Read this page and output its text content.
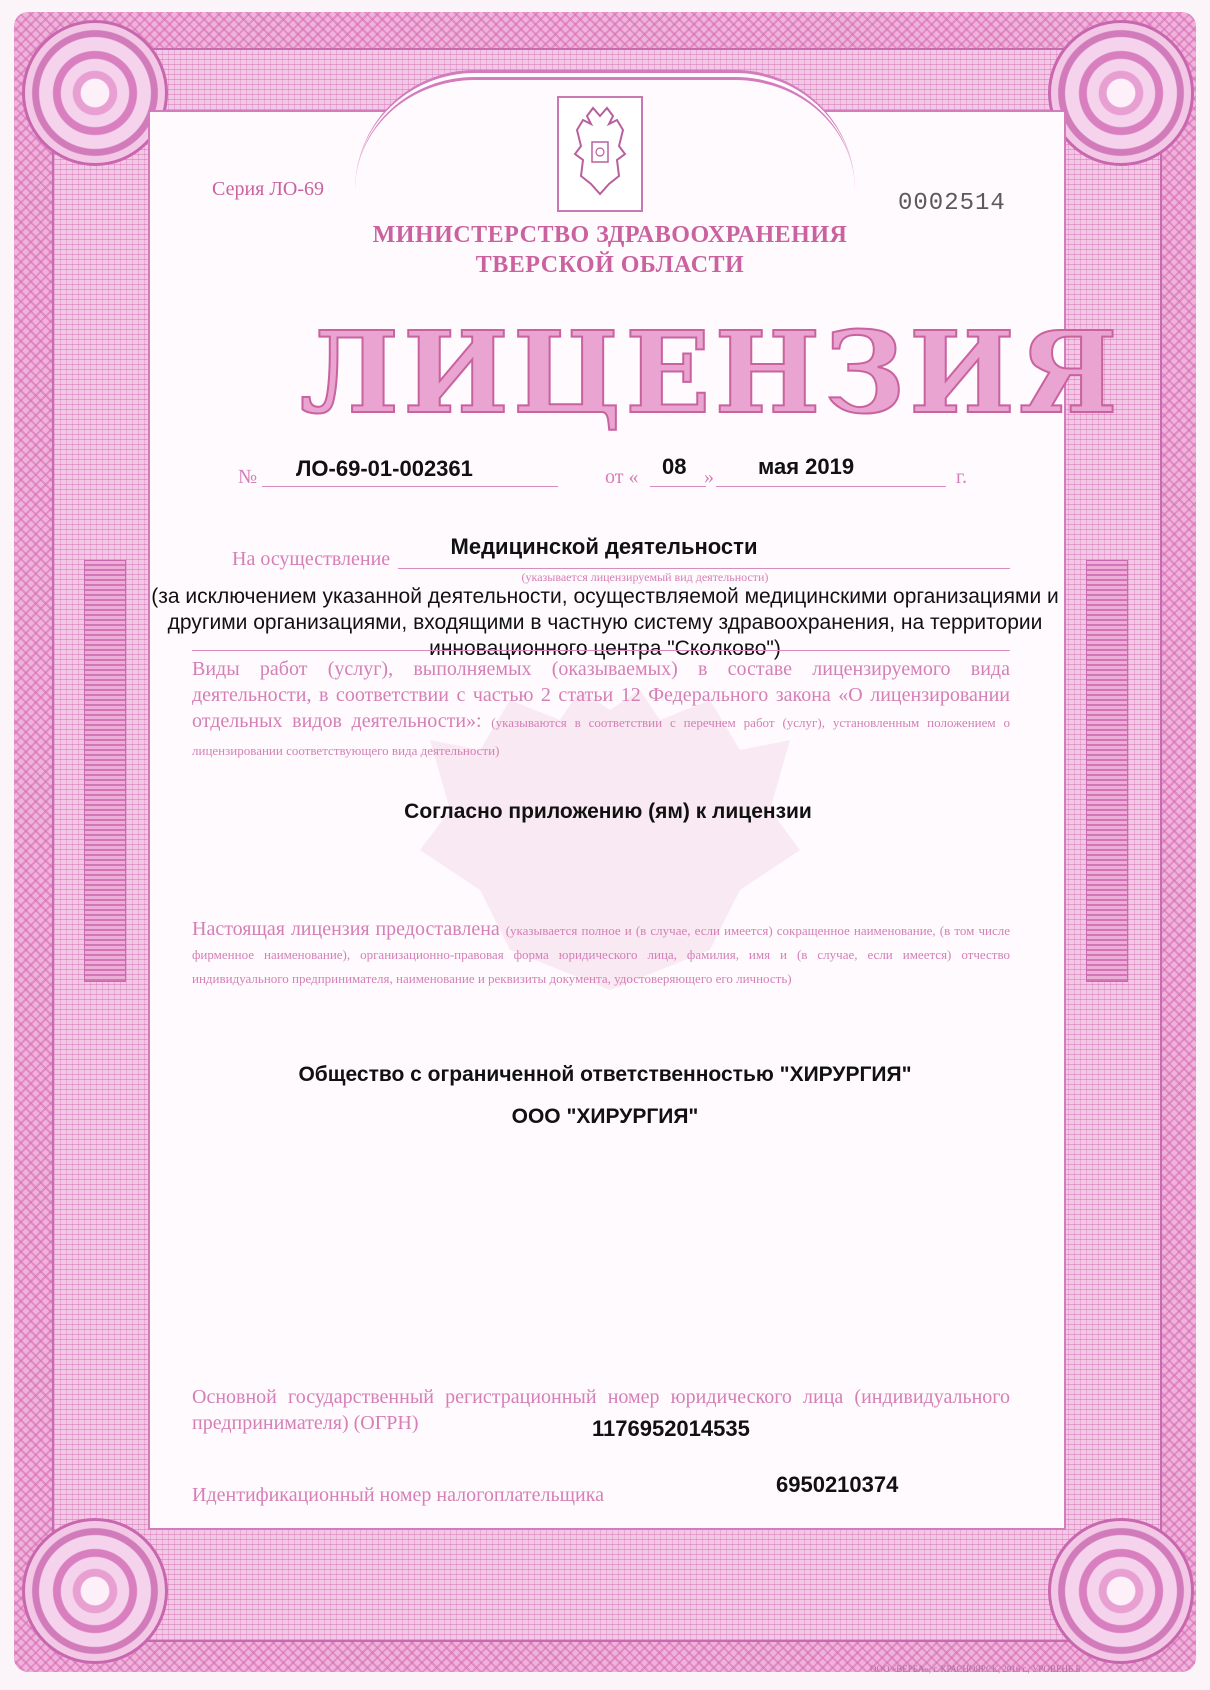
Серия ЛО-69
0002514
МИНИСТЕРСТВО ЗДРАВООХРАНЕНИЯ
ТВЕРСКОЙ ОБЛАСТИ
ЛИЦЕНЗИЯ
№ ЛО-69-01-002361	от « 08 » мая 2019	г.
На осуществление	Медицинской деятельности
(указывается лицензируемый вид деятельности)
(за исключением указанной деятельности, осуществляемой медицинскими организациями и другими организациями, входящими в частную систему здравоохранения, на территории инновационного центра "Сколково")
Виды работ (услуг), выполняемых (оказываемых) в составе лицензируемого вида деятельности, в соответствии с частью 2 статьи 12 Федерального закона «О лицензировании отдельных видов деятельности»: (указываются в соответствии с перечнем работ (услуг), установленным положением о лицензировании соответствующего вида деятельности)
Согласно приложению (ям) к лицензии
Настоящая лицензия предоставлена (указывается полное и (в случае, если имеется) сокращенное наименование, (в том числе фирменное наименование), организационно-правовая форма юридического лица, фамилия, имя и (в случае, если имеется) отчество индивидуального предпринимателя, наименование и реквизиты документа, удостоверяющего его личность)
Общество с ограниченной ответственностью "ХИРУРГИЯ"
ООО "ХИРУРГИЯ"
Основной государственный регистрационный номер юридического лица (индивидуального предпринимателя) (ОГРН)	1176952014535
Идентификационный номер налогоплательщика	6950210374
ООО «ВЕРБА», г. КРАСНОЯРСК, 2016 г., УРОВЕНЬ Б
